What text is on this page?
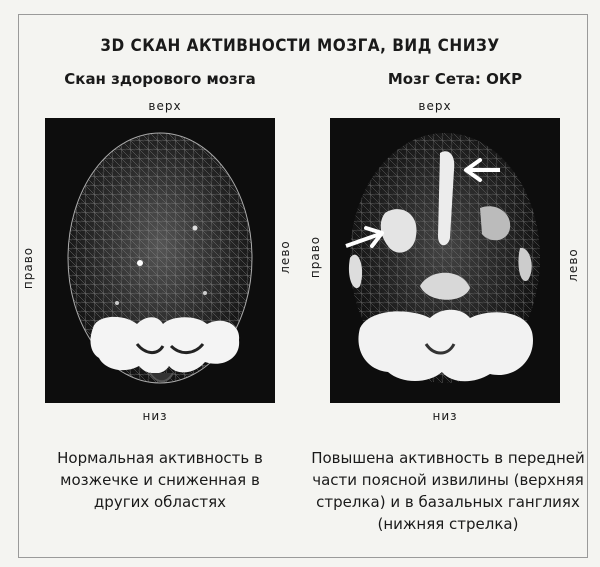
3D СКАН АКТИВНОСТИ МОЗГА, ВИД СНИЗУ
Скан здорового мозга	Мозг Сета: ОКР
верх	верх
право	лево право	лево
низ	низ
Нормальная активность в мозжечке и сниженная в других областях
Повышена активность в передней части поясной извилины (верхняя стрелка) и в базальных ганглиях (нижняя стрелка)
